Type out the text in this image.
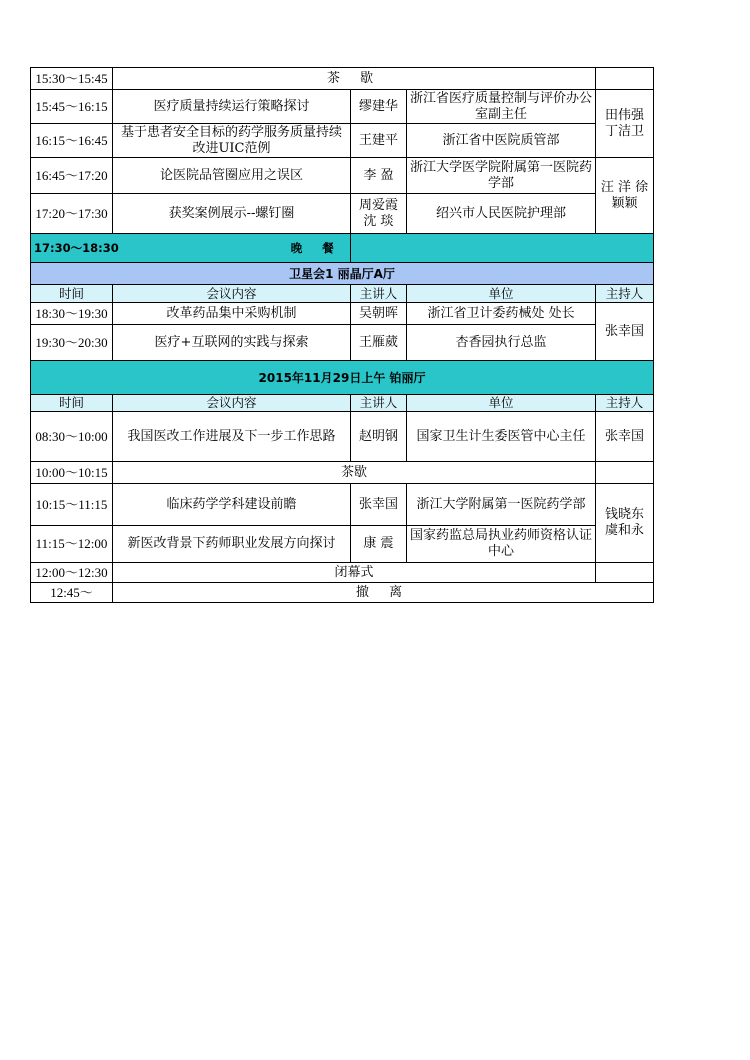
15:30～15:45	茶 歇			
15:45～16:15	医疗质量持续运行策略探讨	缪建华	浙江省医疗质量控制与评价办公室副主任	田伟强 丁洁卫
16:15～16:45	基于患者安全目标的药学服务质量持续改进UIC范例	王建平	浙江省中医院质管部	
16:45～17:20	论医院品管圈应用之误区	李 盈	浙江大学医学院附属第一医院药学部	汪 洋 徐颖颖
17:20～17:30	获奖案例展示--螺钉圈	周爱霞 沈 琰	绍兴市人民医院护理部	
17:30～18:30 晚 餐				
卫星会1 丽晶厅A厅				
时间	会议内容	主讲人	单位	主持人
18:30～19:30	改革药品集中采购机制	吴朝晖	浙江省卫计委药械处 处长	张幸国
19:30～20:30	医疗+互联网的实践与探索	王雁葳	杏香园执行总监	
2015年11月29日上午 铂丽厅				
时间	会议内容	主讲人	单位	主持人
08:30～10:00	我国医改工作进展及下一步工作思路	赵明钢	国家卫生计生委医管中心主任	张幸国
10:00～10:15	茶歇			
10:15～11:15	临床药学学科建设前瞻	张幸国	浙江大学附属第一医院药学部	钱晓东 虞和永
11:15～12:00	新医改背景下药师职业发展方向探讨	康 震	国家药监总局执业药师资格认证中心	
12:00～12:30	闭幕式			
12:45～	撤 离			
